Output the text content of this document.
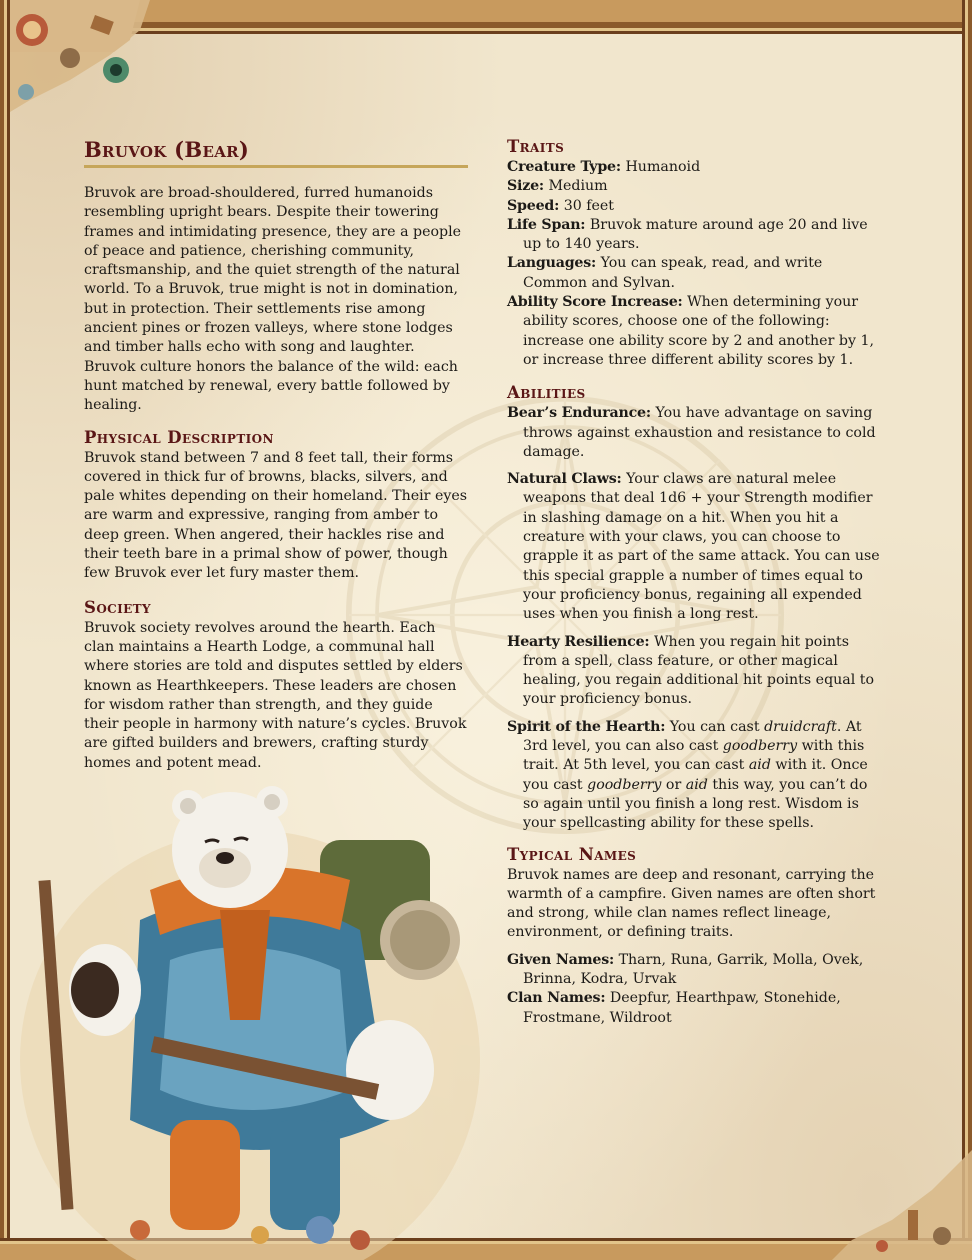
Bruvok (Bear)

Bruvok are broad-shouldered, furred humanoids resembling upright bears. Despite their towering frames and intimidating presence, they are a people of peace and patience, cherishing community, craftsmanship, and the quiet strength of the natural world. To a Bruvok, true might is not in domination, but in protection. Their settlements rise among ancient pines or frozen valleys, where stone lodges and timber halls echo with song and laughter. Bruvok culture honors the balance of the wild: each hunt matched by renewal, every battle followed by healing.

Physical Description

Bruvok stand between 7 and 8 feet tall, their forms covered in thick fur of browns, blacks, silvers, and pale whites depending on their homeland. Their eyes are warm and expressive, ranging from amber to deep green. When angered, their hackles rise and their teeth bare in a primal show of power, though few Bruvok ever let fury master them.

Society

Bruvok society revolves around the hearth. Each clan maintains a Hearth Lodge, a communal hall where stories are told and disputes settled by elders known as Hearthkeepers. These leaders are chosen for wisdom rather than strength, and they guide their people in harmony with nature’s cycles. Bruvok are gifted builders and brewers, crafting sturdy homes and potent mead.

Traits

Creature Type: Humanoid

Size: Medium

Speed: 30 feet

Life Span: Bruvok mature around age 20 and live up to 140 years.

Languages: You can speak, read, and write Common and Sylvan.

Ability Score Increase: When determining your ability scores, choose one of the following: increase one ability score by 2 and another by 1, or increase three different ability scores by 1.

Abilities

Bear’s Endurance: You have advantage on saving throws against exhaustion and resistance to cold damage.

Natural Claws: Your claws are natural melee weapons that deal 1d6 + your Strength modifier in slashing damage on a hit. When you hit a creature with your claws, you can choose to grapple it as part of the same attack. You can use this special grapple a number of times equal to your proficiency bonus, regaining all expended uses when you finish a long rest.

Hearty Resilience: When you regain hit points from a spell, class feature, or other magical healing, you regain additional hit points equal to your proficiency bonus.

Spirit of the Hearth: You can cast druidcraft. At 3rd level, you can also cast goodberry with this trait. At 5th level, you can cast aid with it. Once you cast goodberry or aid this way, you can’t do so again until you finish a long rest. Wisdom is your spellcasting ability for these spells.

Typical Names

Bruvok names are deep and resonant, carrying the warmth of a campfire. Given names are often short and strong, while clan names reflect lineage, environment, or defining traits.

Given Names: Tharn, Runa, Garrik, Molla, Ovek, Brinna, Kodra, Urvak

Clan Names: Deepfur, Hearthpaw, Stonehide, Frostmane, Wildroot
